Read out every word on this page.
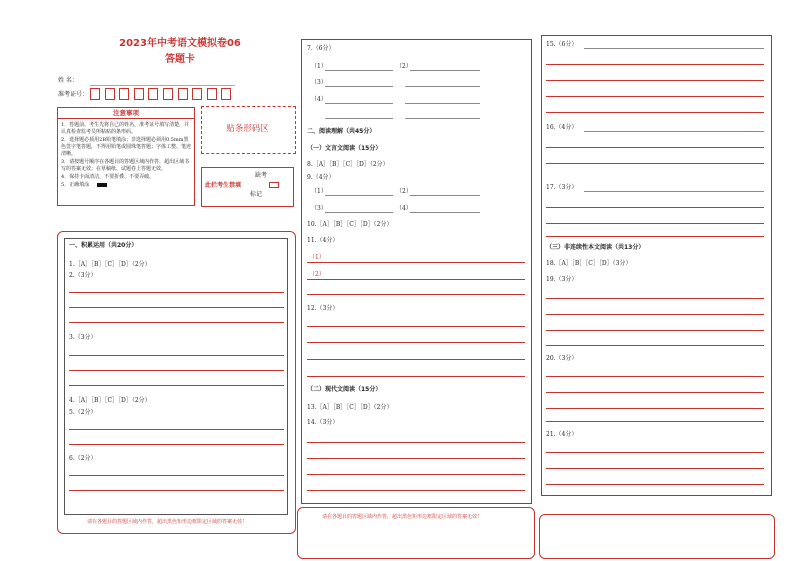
2023年中考语文模拟卷06
答题卡
姓 名：
准考证号：
注意事项
1．答题前，考生先将自己的姓名，准考证号填写清楚，并认真检查监考员所粘贴的条形码。
2．选择题必须用2B铅笔填涂；非选择题必须用0.5mm黑色签字笔答题，不得用铅笔或圆珠笔答题；字体工整、笔迹清晰。
3．请按题号顺序在各题目的答题区域内作答，超出区域书写的答案无效；在草稿纸、试题卷上答题无效。
4．保持卡面清洁，不要折叠、不要弄破。
5．正确填涂
贴条形码区
此栏考生禁填
缺考
标记
一、积累运用（共20分）
1.［A］［B］［C］［D］（2分）
2.（3分）
3.（3分）
4.［A］［B］［C］［D］（2分）
5.（2分）
6.（2分）
请在各题目的答题区域内作答，超出黑色矩形边框限定区域的答案无效！
7.（6分）
（1）	（2）
（3）
（4）
二、阅读理解（共45分）
（一）文言文阅读（15分）
8.［A］［B］［C］［D］（2分）
9.（4分）
（1）	（2）
（3）	（4）
10.［A］［B］［C］［D］（2分）
11.（4分）
（1）
（2）
12.（3分）
（二）现代文阅读（15分）
13.［A］［B］［C］［D］（2分）
14.（3分）
请在各题目的答题区域内作答，超出黑色矩形边框限定区域的答案无效！
15.（6分）
16.（4分）
17.（3分）
（三）非连续性本文阅读（共13分）
18.［A］［B］［C］［D］（3分）
19.（3分）
20.（3分）
21.（4分）
